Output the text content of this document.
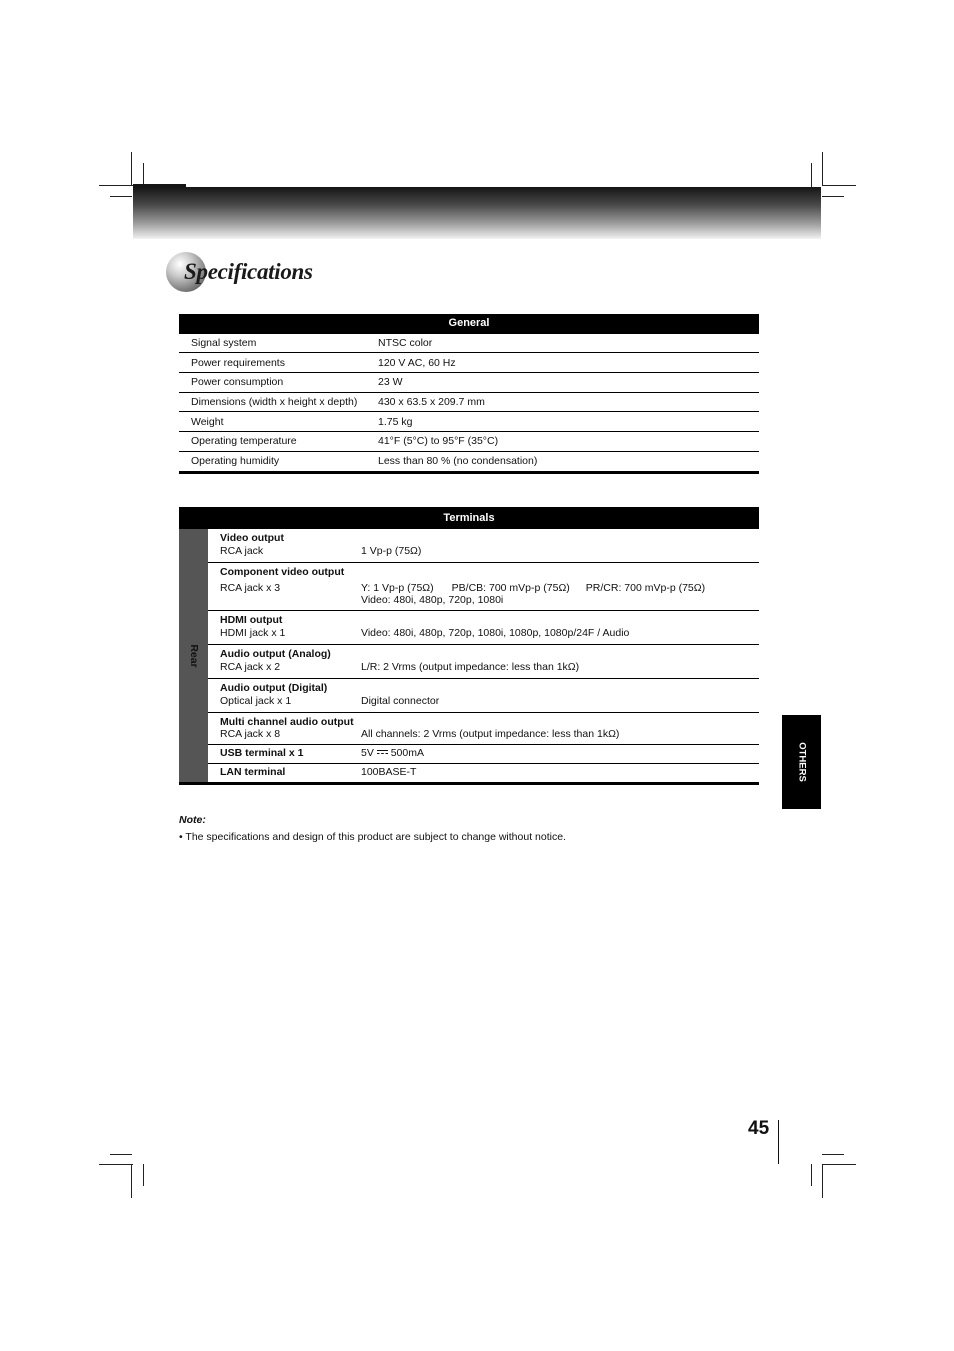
Specifications
General	
Signal system	NTSC color
Power requirements	120 V AC, 60 Hz
Power consumption	23 W
Dimensions (width x height x depth)	430 x 63.5 x 209.7 mm
Weight	1.75 kg
Operating temperature	41°F (5°C) to 95°F (35°C)
Operating humidity	Less than 80 % (no condensation)
Terminals		

Rear	Video output	
	RCA jack	1 Vp-p (75Ω)
	Component video output	
	RCA jack x 3	Y: 1 Vp-p (75Ω) PB/CB: 700 mVp-p (75Ω) PR/CR: 700 mVp-p (75Ω)
		Video: 480i, 480p, 720p, 1080i
	HDMI output	
	HDMI jack x 1	Video: 480i, 480p, 720p, 1080i, 1080p, 1080p/24F / Audio
	Audio output (Analog)	
	RCA jack x 2	L/R: 2 Vrms (output impedance: less than 1kΩ)
	Audio output (Digital)	
	Optical jack x 1	Digital connector
	Multi channel audio output	
	RCA jack x 8	All channels: 2 Vrms (output impedance: less than 1kΩ)
	USB terminal x 1	5V 500mA
	LAN terminal	100BASE-T	OTHERS
Note:
• The specifications and design of this product are subject to change without notice.
45
